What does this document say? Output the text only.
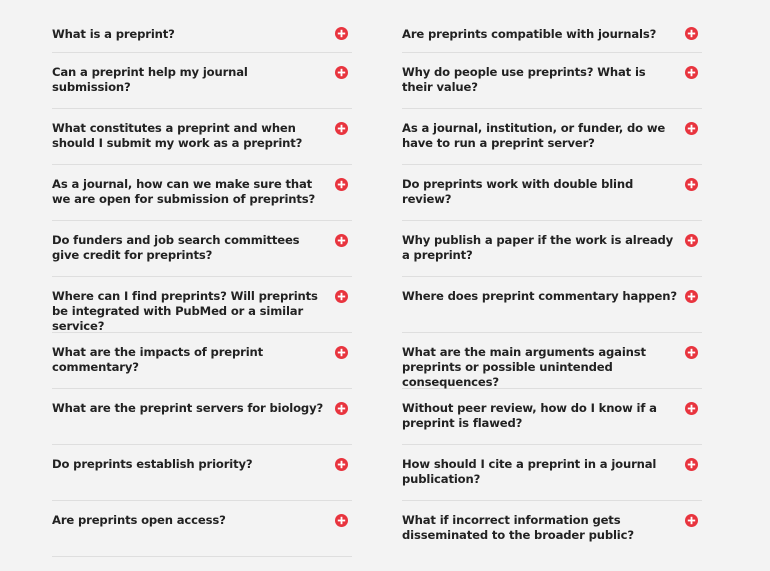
What is a preprint?
Can a preprint help my journal submission?
What constitutes a preprint and when should I submit my work as a preprint?
As a journal, how can we make sure that we are open for submission of preprints?
Do funders and job search committees give credit for preprints?
Where can I find preprints? Will preprints be integrated with PubMed or a similar service?
What are the impacts of preprint commentary?
What are the preprint servers for biology?
Do preprints establish priority?
Are preprints open access?
Are preprints compatible with journals?
Why do people use preprints? What is their value?
As a journal, institution, or funder, do we have to run a preprint server?
Do preprints work with double blind review?
Why publish a paper if the work is already a preprint?
Where does preprint commentary happen?
What are the main arguments against preprints or possible unintended consequences?
Without peer review, how do I know if a preprint is flawed?
How should I cite a preprint in a journal publication?
What if incorrect information gets disseminated to the broader public?
